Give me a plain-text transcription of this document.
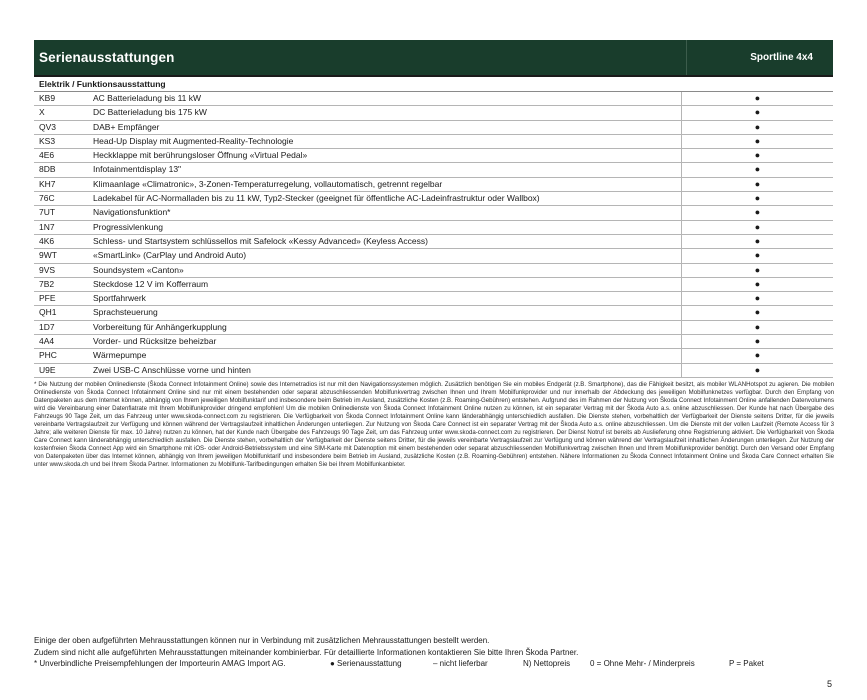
Serienausstattungen	Sportline 4x4
Elektrik / Funktionsausstattung
KB9	AC Batterieladung bis 11 kW	●
X	DC Batterieladung bis 175 kW	●
QV3	DAB+ Empfänger	●
KS3	Head-Up Display mit Augmented-Reality-Technologie	●
4E6	Heckklappe mit berührungsloser Öffnung «Virtual Pedal»	●
8DB	Infotainmentdisplay 13"	●
KH7	Klimaanlage «Climatronic», 3-Zonen-Temperaturregelung, vollautomatisch, getrennt regelbar	●
76C	Ladekabel für AC-Normalladen bis zu 11 kW, Typ2-Stecker (geeignet für öffentliche AC-Ladeinfrastruktur oder Wallbox)	●
7UT	Navigationsfunktion*	●
1N7	Progressivlenkung	●
4K6	Schless- und Startsystem schlüssellos mit Safelock «Kessy Advanced» (Keyless Access)	●
9WT	«SmartLink» (CarPlay und Android Auto)	●
9VS	Soundsystem «Canton»	●
7B2	Steckdose 12 V im Kofferraum	●
PFE	Sportfahrwerk	●
QH1	Sprachsteuerung	●
1D7	Vorbereitung für Anhängerkupplung	●
4A4	Vorder- und Rücksitze beheizbar	●
PHC	Wärmepumpe	●
U9E	Zwei USB-C Anschlüsse vorne und hinten	●
* Die Nutzung der mobilen Onlinedienste (Škoda Connect Infotainment Online) sowie des Internetradios ist nur mit den Navigationssystemen möglich. Zusätzlich benötigen Sie ein mobiles Endgerät (z.B. Smartphone), das die Fähigkeit besitzt, als mobiler WLANHotspot zu agieren. Die mobilen Onlinedienste von Škoda Connect Infotainment Online sind nur mit einem bestehenden oder separat abzuschliessenden Mobilfunkvertrag zwischen Ihnen und Ihrem Mobilfunkprovider und nur innerhalb der Abdeckung des jeweiligen Mobilfunknetzes verfügbar. Durch den Empfang von Datenpaketen aus dem Internet können, abhängig von Ihrem jeweiligen Mobilfunktarif und insbesondere beim Betrieb im Ausland, zusätzliche Kosten (z.B. Roaming-Gebühren) entstehen. Aufgrund des im Rahmen der Nutzung von Škoda Connect Infotainment Online anfallenden Datenvolumens wird die Vereinbarung einer Datenflatrate mit Ihrem Mobilfunkprovider dringend empfohlen! Um die mobilen Onlinedienste von Škoda Connect Infotainment Online nutzen zu können, ist ein separater Vertrag mit der Škoda Auto a.s. online abzuschliessen. Der Kunde hat nach Übergabe des Fahrzeugs 90 Tage Zeit, um das Fahrzeug unter www.skoda-connect.com zu registrieren. Die Verfügbarkeit von Škoda Connect Infotainment Online kann länderabhängig unterschiedlich ausfallen. Die Dienste stehen, vorbehaltlich der Verfügbarkeit der Dienste seitens Dritter, für die jeweils vereinbarte Vertragslaufzeit zur Verfügung und können während der Vertragslaufzeit inhaltlichen Änderungen unterliegen. Zur Nutzung von Škoda Care Connect ist ein separater Vertrag mit der Škoda Auto a.s. online abzuschliessen. Um die Dienste mit der vollen Laufzeit (Remote Access für 3 Jahre; alle weiteren Dienste für max. 10 Jahre) nutzen zu können, hat der Kunde nach Übergabe des Fahrzeugs 90 Tage Zeit, um das Fahrzeug unter www.skoda-connect.com zu registrieren. Der Dienst Notruf ist bereits ab Auslieferung ohne Registrierung aktiviert. Die Verfügbarkeit von Škoda Care Connect kann länderabhängig unterschiedlich ausfallen. Die Dienste stehen, vorbehaltlich der Verfügbarkeit der Dienste seitens Dritter, für die jeweils vereinbarte Vertragslaufzeit zur Verfügung und können während der Vertragslaufzeit inhaltlichen Änderungen unterliegen. Zur Nutzung der kostenfreien Škoda Connect App wird ein Smartphone mit iOS- oder Android-Betriebssystem und eine SIM-Karte mit Datenoption mit einem bestehenden oder separat abzuschliessenden Mobilfunkvertrag zwischen Ihnen und Ihrem Mobilfunkprovider benötigt. Durch den Versand oder Empfang von Datenpaketen über das Internet können, abhängig von Ihrem jeweiligen Mobilfunktarif und insbesondere beim Betrieb im Ausland, zusätzliche Kosten (z.B. Roaming-Gebühren) entstehen. Nähere Informationen zu Škoda Connect Infotainment Online und Škoda Care Connect erhalten Sie unter www.skoda.ch und bei Ihrem Škoda Partner. Informationen zu Mobilfunk-Tarifbedingungen erhalten Sie bei Ihrem Mobilfunkanbieter.
Einige der oben aufgeführten Mehrausstattungen können nur in Verbindung mit zusätzlichen Mehrausstattungen bestellt werden.
Zudem sind nicht alle aufgeführten Mehrausstattungen miteinander kombinierbar. Für detaillierte Informationen kontaktieren Sie bitte Ihren Škoda Partner.
* Unverbindliche Preisempfehlungen der Importeurin AMAG Import AG.	● Serienausstattung	– nicht lieferbar	N) Nettopreis	0 = Ohne Mehr- / Minderpreis	P = Paket
5
